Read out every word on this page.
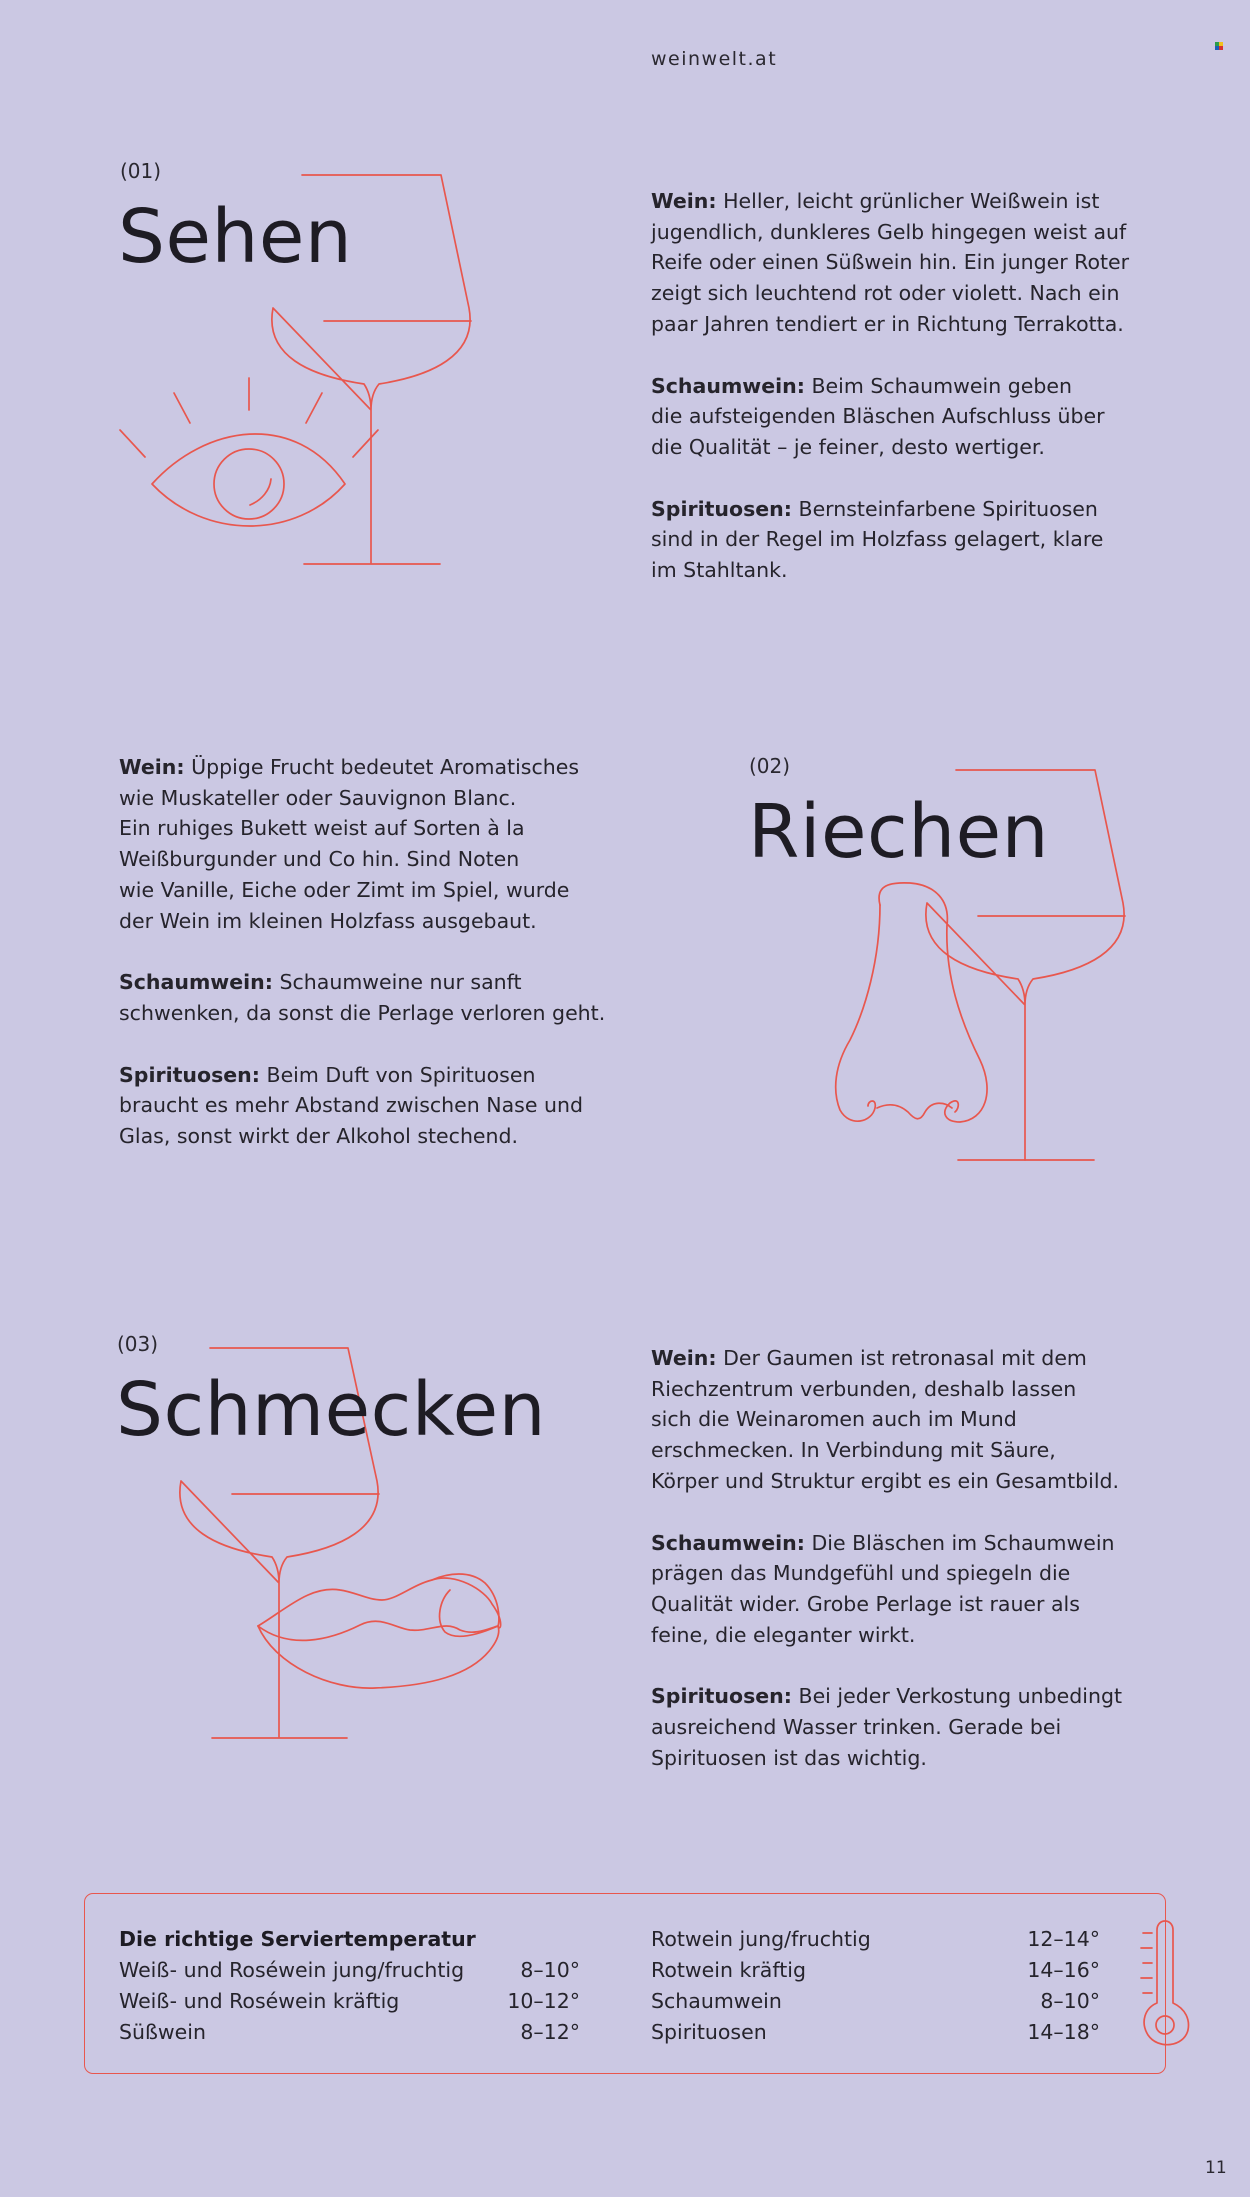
weinwelt.at
(01)
Sehen	Wein: Heller, leicht grünlicher Weißwein ist
jugendlich, dunkleres Gelb hingegen weist auf
Reife oder einen Süßwein hin. Ein junger Roter
zeigt sich leuchtend rot oder violett. Nach ein
paar Jahren tendiert er in Richtung Terrakotta.

Schaumwein: Beim Schaumwein geben
die aufsteigenden Bläschen Aufschluss über
die Qualität – je feiner, desto wertiger.

Spirituosen: Bernsteinfarbene Spirituosen
sind in der Regel im Holzfass gelagert, klare
im Stahltank.

Wein: Üppige Frucht bedeutet Aromatisches
wie Muskateller oder Sauvignon Blanc.
Ein ruhiges Bukett weist auf Sorten à la
Weißburgunder und Co hin. Sind Noten
wie Vanille, Eiche oder Zimt im Spiel, wurde
der Wein im kleinen Holzfass ausgebaut.

Schaumwein: Schaumweine nur sanft
schwenken, da sonst die Perlage verloren geht.

Spirituosen: Beim Duft von Spirituosen
braucht es mehr Abstand zwischen Nase und
Glas, sonst wirkt der Alkohol stechend.

(02)
Riechen
(03)
Schmecken

Wein: Der Gaumen ist retronasal mit dem
Riechzentrum verbunden, deshalb lassen
sich die Weinaromen auch im Mund
erschmecken. In Verbindung mit Säure,
Körper und Struktur ergibt es ein Gesamtbild.

Schaumwein: Die Bläschen im Schaumwein
prägen das Mundgefühl und spiegeln die
Qualität wider. Grobe Perlage ist rauer als
feine, die eleganter wirkt.

Spirituosen: Bei jeder Verkostung unbedingt
ausreichend Wasser trinken. Gerade bei
Spirituosen ist das wichtig.

Die richtige Serviertemperatur
Weiß- und Roséwein jung/fruchtig	8–10°
Weiß- und Roséwein kräftig	10–12°
Süßwein	8–12°
Rotwein jung/fruchtig	12–14°
Rotwein kräftig	14–16°
Schaumwein	8–10°
Spirituosen	14–18°
11
